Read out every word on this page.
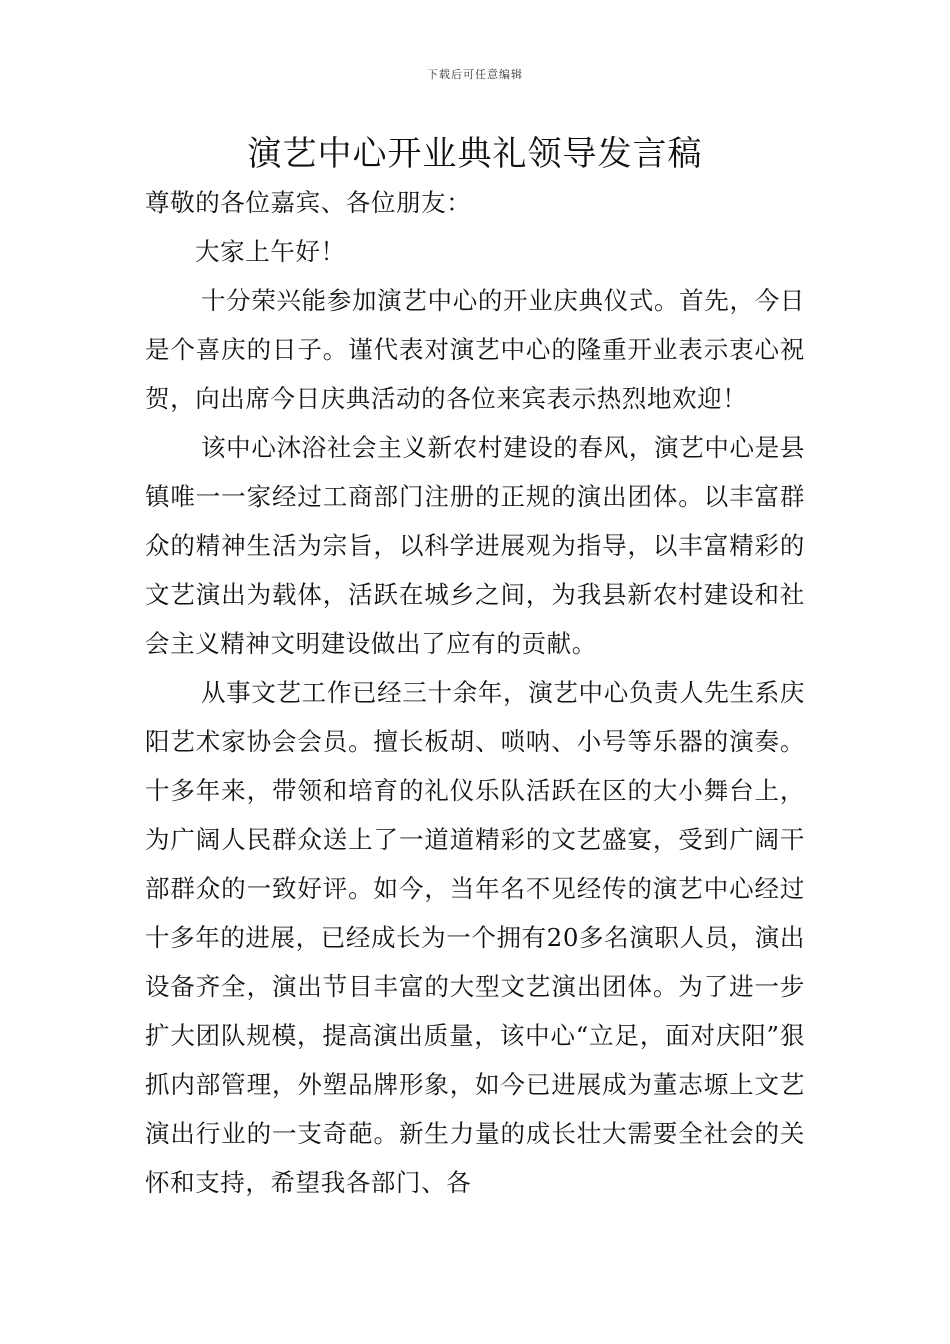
下载后可任意编辑
演艺中心开业典礼领导发言稿

尊敬的各位嘉宾、各位朋友：

大家上午好！

十分荣兴能参加演艺中心的开业庆典仪式。首先，今日是个喜庆的日子。谨代表对演艺中心的隆重开业表示衷心祝贺，向出席今日庆典活动的各位来宾表示热烈地欢迎！

该中心沐浴社会主义新农村建设的春风，演艺中心是县镇唯一一家经过工商部门注册的正规的演出团体。以丰富群众的精神生活为宗旨，以科学进展观为指导，以丰富精彩的文艺演出为载体，活跃在城乡之间，为我县新农村建设和社会主义精神文明建设做出了应有的贡献。

从事文艺工作已经三十余年，演艺中心负责人先生系庆阳艺术家协会会员。擅长板胡、唢呐、小号等乐器的演奏。十多年来，带领和培育的礼仪乐队活跃在区的大小舞台上，为广阔人民群众送上了一道道精彩的文艺盛宴，受到广阔干部群众的一致好评。如今，当年名不见经传的演艺中心经过十多年的进展，已经成长为一个拥有20多名演职人员，演出设备齐全，演出节目丰富的大型文艺演出团体。为了进一步扩大团队规模，提高演出质量，该中心“立足，面对庆阳”狠抓内部管理，外塑品牌形象，如今已进展成为董志塬上文艺演出行业的一支奇葩。新生力量的成长壮大需要全社会的关怀和支持，希望我各部门、各
